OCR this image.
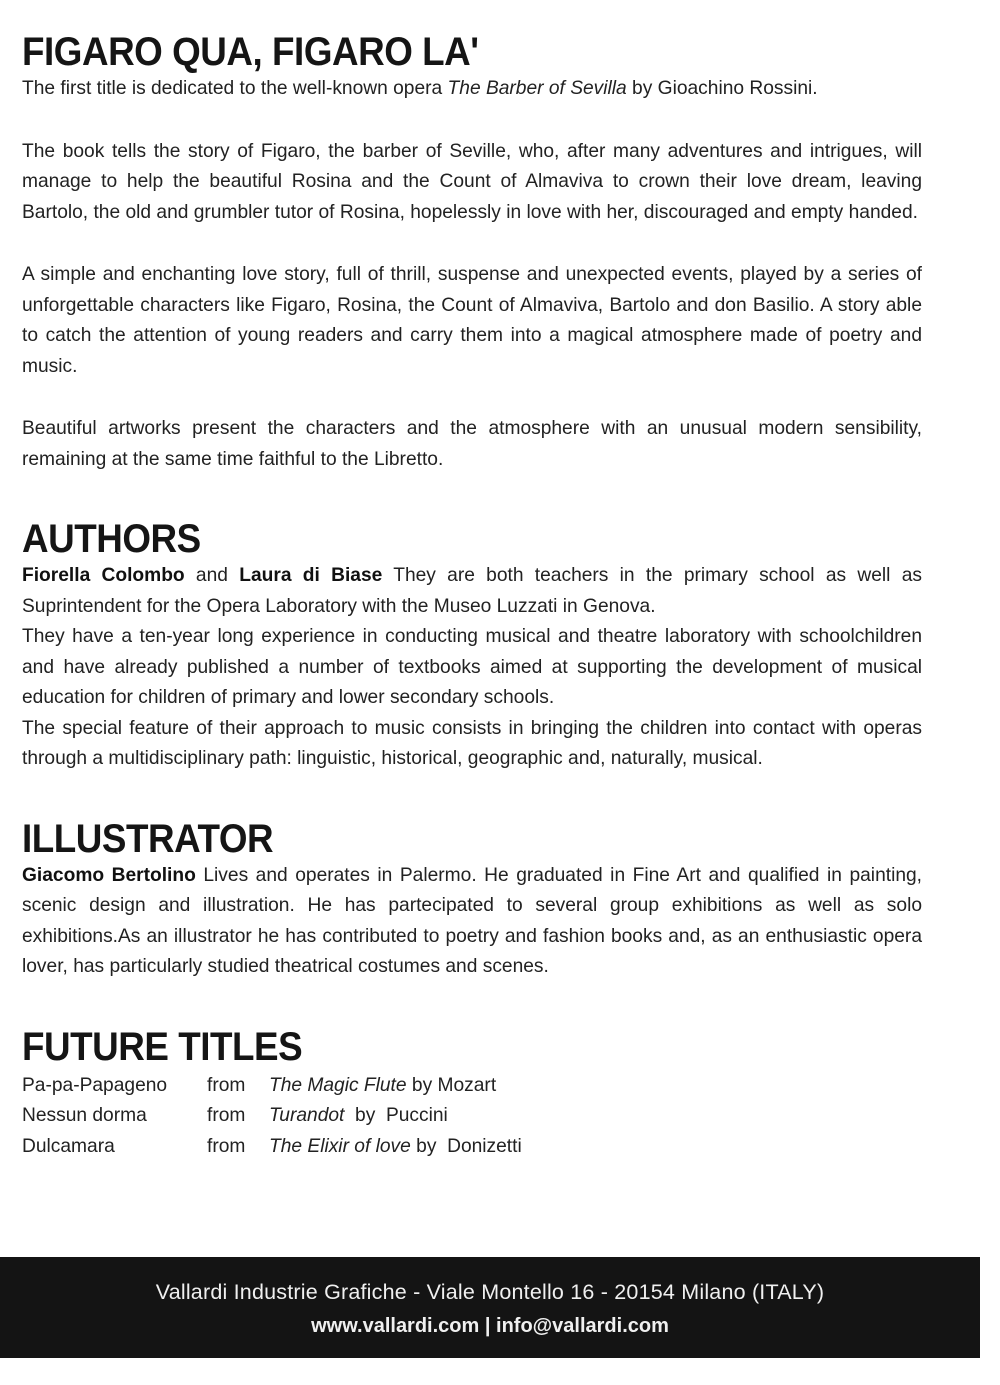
FIGARO QUA, FIGARO LA'

The first title is dedicated to the well-known opera The Barber of Sevilla by Gioachino Rossini.

The book tells the story of Figaro, the barber of Seville, who, after many adventures and intrigues, will manage to help the beautiful Rosina and the Count of Almaviva to crown their love dream, leaving Bartolo, the old and grumbler tutor of Rosina, hopelessly in love with her, discouraged and empty handed.

A simple and enchanting love story, full of thrill, suspense and unexpected events, played by a series of unforgettable characters like Figaro, Rosina, the Count of Almaviva, Bartolo and don Basilio. A story able to catch the attention of young readers and carry them into a magical atmosphere made of poetry and music.

Beautiful artworks present the characters and the atmosphere with an unusual modern sensibility, remaining at the same time faithful to the Libretto.

AUTHORS

Fiorella Colombo and Laura di Biase They are both teachers in the primary school as well as Suprintendent for the Opera Laboratory with the Museo Luzzati in Genova.

They have a ten-year long experience in conducting musical and theatre laboratory with schoolchildren and have already published a number of textbooks aimed at supporting the development of musical education for children of primary and lower secondary schools.

The special feature of their approach to music consists in bringing the children into contact with operas through a multidisciplinary path: linguistic, historical, geographic and, naturally, musical.

ILLUSTRATOR

Giacomo Bertolino Lives and operates in Palermo. He graduated in Fine Art and qualified in painting, scenic design and illustration. He has partecipated to several group exhibitions as well as solo exhibitions.As an illustrator he has contributed to poetry and fashion books and, as an enthusiastic opera lover, has particularly studied theatrical costumes and scenes.

FUTURE TITLES
Pa-pa-Papageno	from	The Magic Flute by Mozart
Nessun dorma	from	Turandot by  Puccini
Dulcamara	from	The Elixir of love by  Donizetti
Vallardi Industrie Grafiche - Viale Montello 16 - 20154 Milano (ITALY)
www.vallardi.com | info@vallardi.com
